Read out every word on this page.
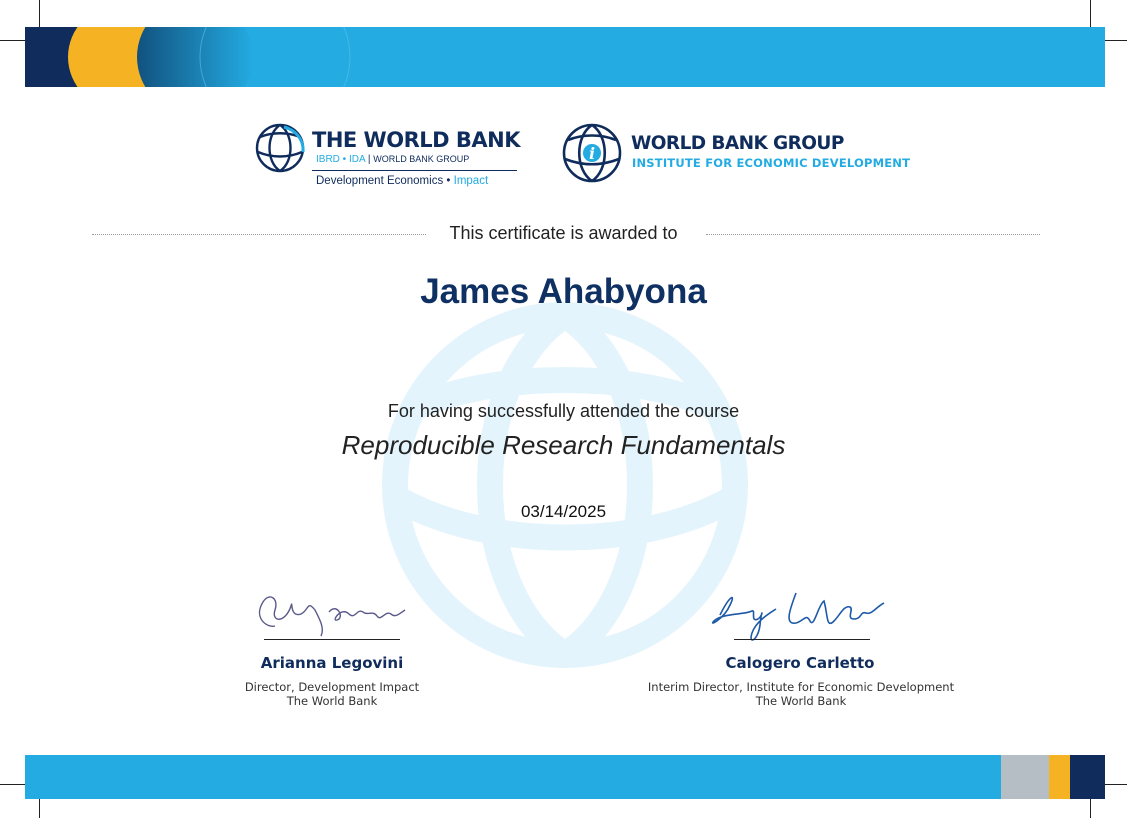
THE WORLD BANK
IBRD • IDA | WORLD BANK GROUP
Development Economics • Impact
i WORLD BANK GROUP
INSTITUTE FOR ECONOMIC DEVELOPMENT
This certificate is awarded to
James Ahabyona
For having successfully attended the course
Reproducible Research Fundamentals
03/14/2025
Arianna Legovini
Director, Development Impact
The World Bank
Calogero Carletto
Interim Director, Institute for Economic Development
The World Bank
